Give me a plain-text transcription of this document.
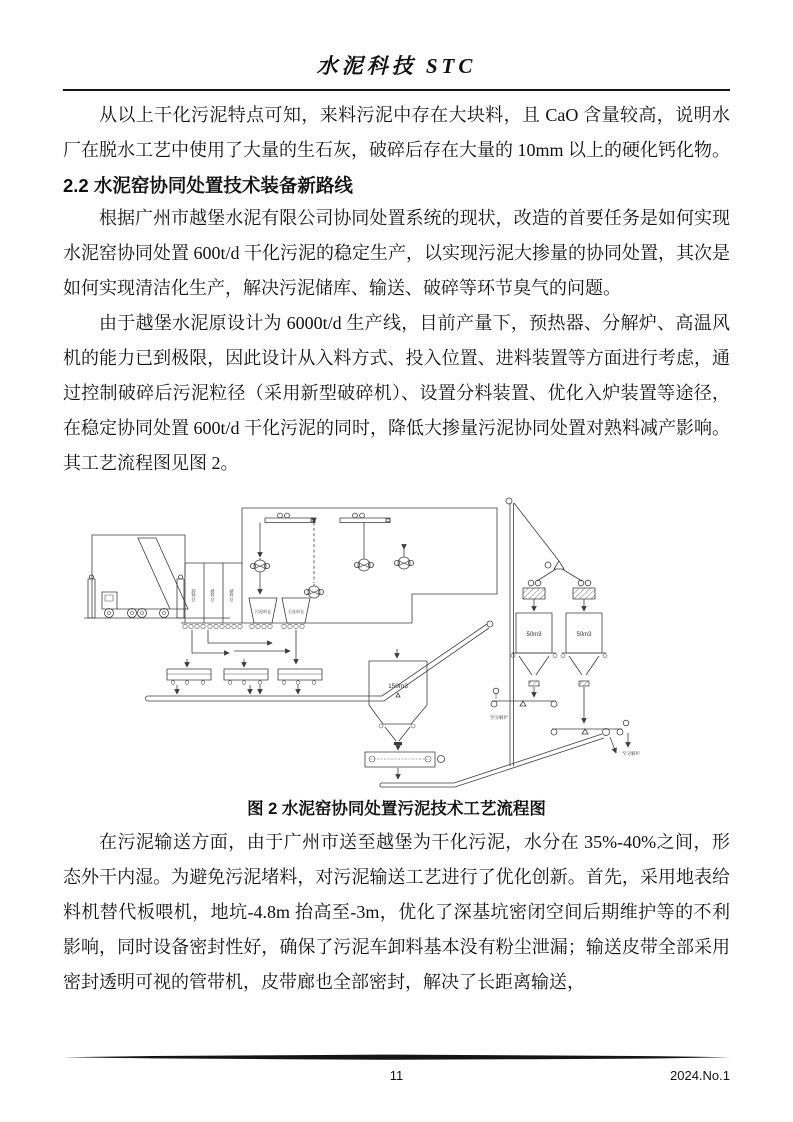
水泥科技 STC

从以上干化污泥特点可知，来料污泥中存在大块料，且 CaO 含量较高，说明水厂在脱水工艺中使用了大量的生石灰，破碎后存在大量的 10mm 以上的硬化钙化物。

2.2 水泥窑协同处置技术装备新路线

根据广州市越堡水泥有限公司协同处置系统的现状，改造的首要任务是如何实现水泥窑协同处置 600t/d 干化污泥的稳定生产，以实现污泥大掺量的协同处置，其次是如何实现清洁化生产，解决污泥储库、输送、破碎等环节臭气的问题。

由于越堡水泥原设计为 6000t/d 生产线，目前产量下，预热器、分解炉、高温风机的能力已到极限，因此设计从入料方式、投入位置、进料装置等方面进行考虑，通过控制破碎后污泥粒径（采用新型破碎机）、设置分料装置、优化入炉装置等途径，在稳定协同处置 600t/d 干化污泥的同时，降低大掺量污泥协同处置对熟料减产影响。其工艺流程图见图 2。

卸料仓	储料仓	储料仓
污泥料仓	石灰料仓
150m3
50m3	50m3
至分解炉
至分解炉
图 2 水泥窑协同处置污泥技术工艺流程图

在污泥输送方面，由于广州市送至越堡为干化污泥，水分在 35%-40%之间，形态外干内湿。为避免污泥堵料，对污泥输送工艺进行了优化创新。首先，采用地表给料机替代板喂机，地坑-4.8m 抬高至-3m，优化了深基坑密闭空间后期维护等的不利影响，同时设备密封性好，确保了污泥车卸料基本没有粉尘泄漏；输送皮带全部采用密封透明可视的管带机，皮带廊也全部密封，解决了长距离输送，

11	2024.No.1
